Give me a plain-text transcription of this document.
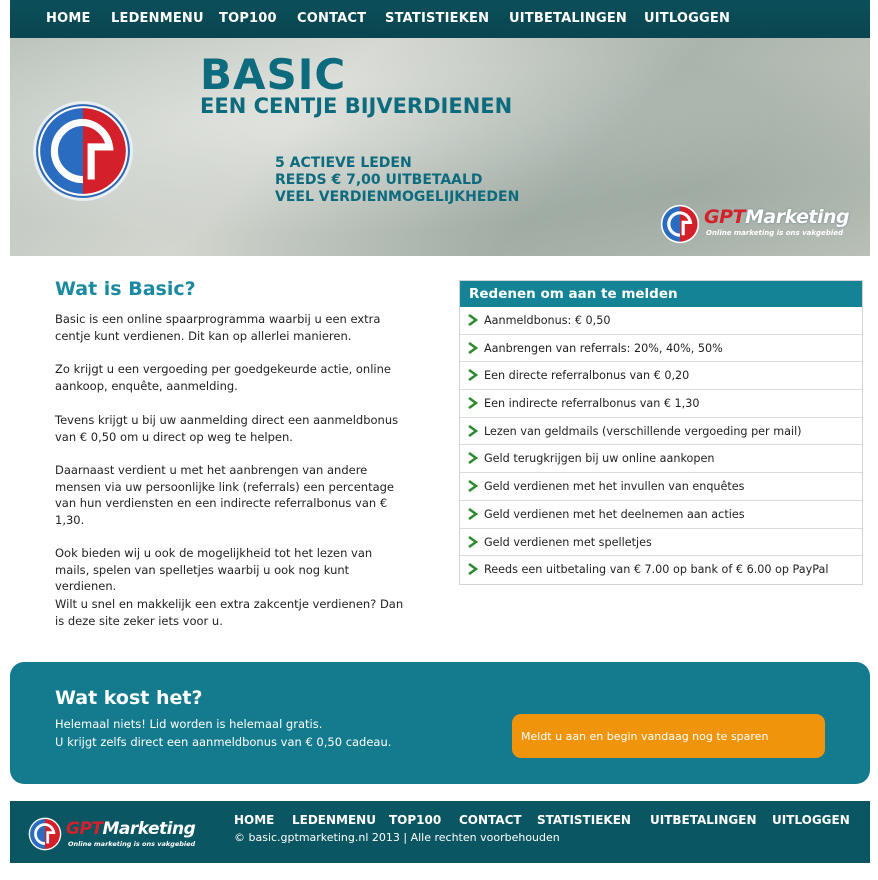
HOME LEDENMENU TOP100 CONTACT STATISTIEKEN UITBETALINGEN UITLOGGEN
BASIC
EEN CENTJE BIJVERDIENEN
5 ACTIEVE LEDEN
REEDS € 7,00 UITBETAALD
VEEL VERDIENMOGELIJKHEDEN
GPTMarketing
Online marketing is ons vakgebied
Wat is Basic?
Basic is een online spaarprogramma waarbij u een extra centje kunt verdienen. Dit kan op allerlei manieren.
Zo krijgt u een vergoeding per goedgekeurde actie, online aankoop, enquête, aanmelding.
Tevens krijgt u bij uw aanmelding direct een aanmeldbonus van € 0,50 om u direct op weg te helpen.
Daarnaast verdient u met het aanbrengen van andere mensen via uw persoonlijke link (referrals) een percentage van hun verdiensten en een indirecte referralbonus van € 1,30.
Ook bieden wij u ook de mogelijkheid tot het lezen van mails, spelen van spelletjes waarbij u ook nog kunt verdienen.
Wilt u snel en makkelijk een extra zakcentje verdienen? Dan is deze site zeker iets voor u.
Redenen om aan te melden
Aanmeldbonus: € 0,50
Aanbrengen van referrals: 20%, 40%, 50%
Een directe referralbonus van € 0,20
Een indirecte referralbonus van € 1,30
Lezen van geldmails (verschillende vergoeding per mail)
Geld terugkrijgen bij uw online aankopen
Geld verdienen met het invullen van enquêtes
Geld verdienen met het deelnemen aan acties
Geld verdienen met spelletjes
Reeds een uitbetaling van € 7.00 op bank of € 6.00 op PayPal
Wat kost het?
Helemaal niets! Lid worden is helemaal gratis.
U krijgt zelfs direct een aanmeldbonus van € 0,50 cadeau.	Meldt u aan en begin vandaag nog te sparen
GPTMarketing
Online marketing is ons vakgebied
HOME LEDENMENU TOP100 CONTACT STATISTIEKEN UITBETALINGEN UITLOGGEN
© basic.gptmarketing.nl 2013 | Alle rechten voorbehouden
